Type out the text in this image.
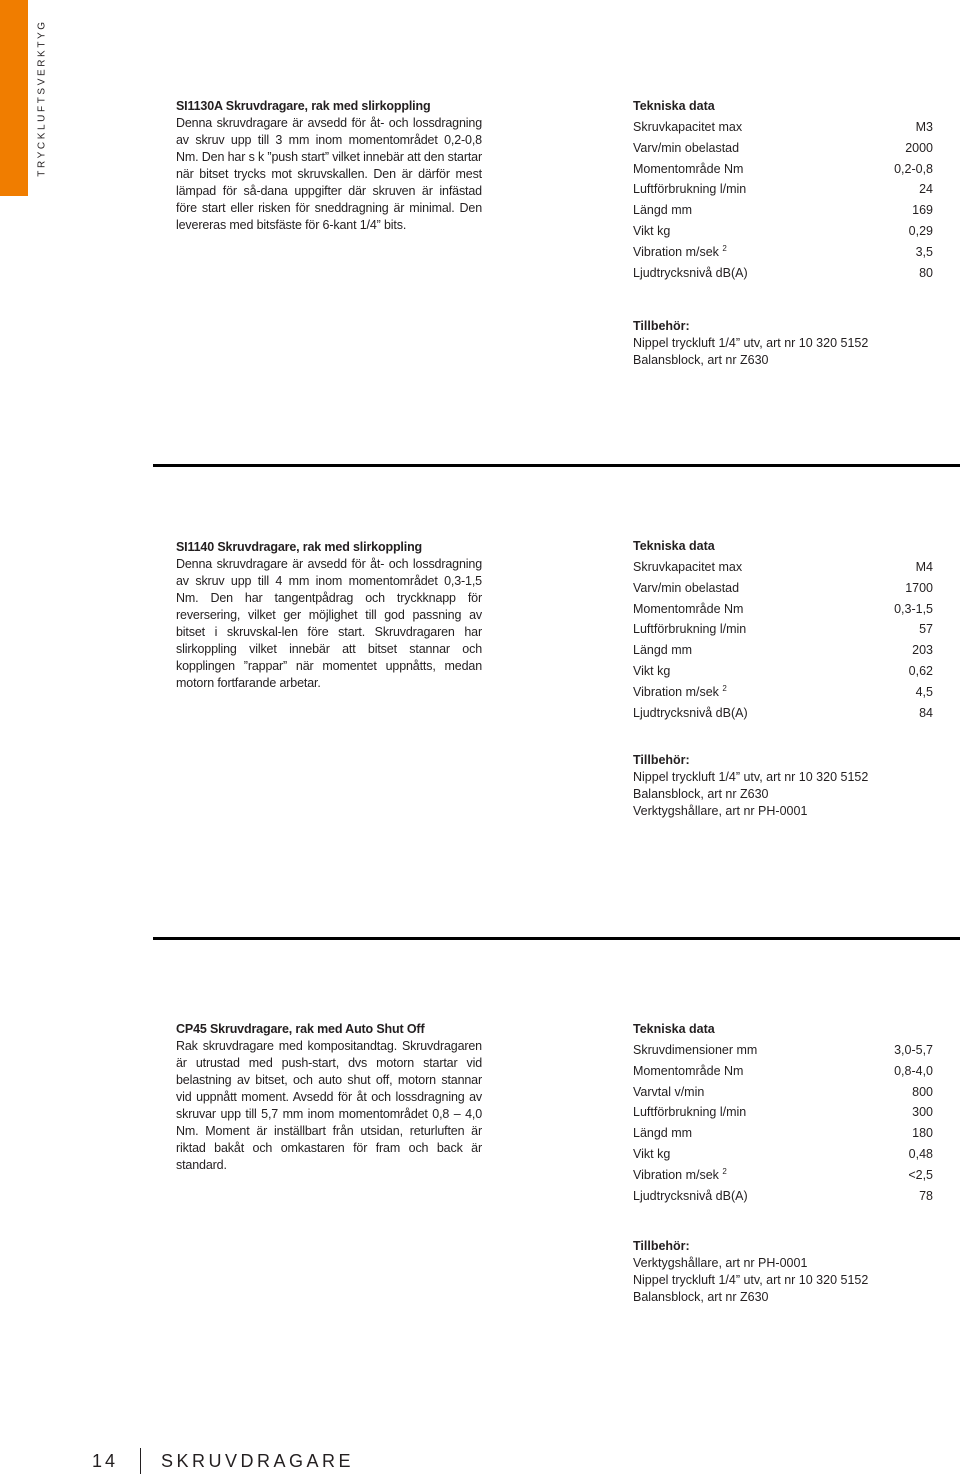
TRYCKLUFTSVERKTYG	SI1130A Skruvdragare, rak med slirkoppling
Denna skruvdragare är avsedd för åt- och lossdragning av skruv upp till 3 mm inom momentområdet 0,2-0,8 Nm. Den har s k ”push start” vilket innebär att den startar när bitset trycks mot skruvskallen. Den är därför mest lämpad för så-dana uppgifter där skruven är infästad före start eller risken för sneddragning är minimal. Den levereras med bitsfäste för 6-kant 1/4” bits.
Tekniska data
Skruvkapacitet max	M3
Varv/min obelastad	2000
Momentområde Nm	0,2-0,8
Luftförbrukning l/min	24
Längd mm	169
Vikt kg	0,29
Vibration m/sek $^2$	3,5
Ljudtrycksnivå dB(A)	80
Tillbehör:
Nippel tryckluft 1/4” utv, art nr 10 320 5152
Balansblock, art nr Z630
SI1140 Skruvdragare, rak med slirkoppling
Denna skruvdragare är avsedd för åt- och lossdragning av skruv upp till 4 mm inom momentområdet 0,3-1,5 Nm. Den har tangentpådrag och tryckknapp för reversering, vilket ger möjlighet till god passning av bitset i skruvskal-len före start. Skruvdragaren har slirkoppling vilket innebär att bitset stannar och kopplingen ”rappar” när momentet uppnåtts, medan motorn fortfarande arbetar.
Tekniska data
Skruvkapacitet max	M4
Varv/min obelastad	1700
Momentområde Nm	0,3-1,5
Luftförbrukning l/min	57
Längd mm	203
Vikt kg	0,62
Vibration m/sek $^2$	4,5
Ljudtrycksnivå dB(A)	84
Tillbehör:
Nippel tryckluft 1/4” utv, art nr 10 320 5152
Balansblock, art nr Z630
Verktygshållare, art nr PH-0001
CP45 Skruvdragare, rak med Auto Shut Off
Rak skruvdragare med kompositandtag. Skruvdragaren är utrustad med push-start, dvs motorn startar vid belastning av bitset, och auto shut off, motorn stannar vid uppnått moment. Avsedd för åt och lossdragning av skruvar upp till 5,7 mm inom momentområdet 0,8 – 4,0 Nm. Moment är inställbart från utsidan, returluften är riktad bakåt och omkastaren för fram och back är standard.
Tekniska data
Skruvdimensioner mm	3,0-5,7
Momentområde Nm	0,8-4,0
Varvtal v/min	800
Luftförbrukning l/min	300
Längd mm	180
Vikt kg	0,48
Vibration m/sek $^2$	<2,5
Ljudtrycksnivå dB(A)	78
Tillbehör:
Verktygshållare, art nr PH-0001
Nippel tryckluft 1/4” utv, art nr 10 320 5152
Balansblock, art nr Z630
14 SKRUVDRAGARE
